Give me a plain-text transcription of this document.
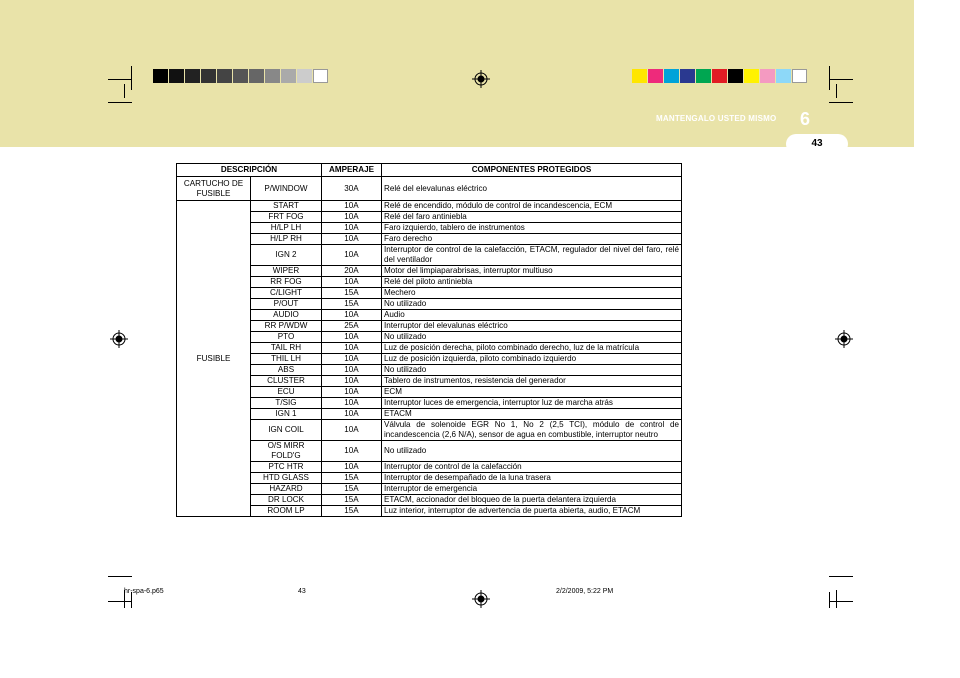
MANTENGALO USTED MISMO 6
43
DESCRIPCIÓN		AMPERAJE	COMPONENTES PROTEGIDOS
CARTUCHO DE FUSIBLE	P/WINDOW	30A	Relé del elevalunas eléctrico
FUSIBLE	START	10A	Relé de encendido, módulo de control de incandescencia, ECM
	FRT FOG	10A	Relé del faro antiniebla
	H/LP LH	10A	Faro izquierdo, tablero de instrumentos
	H/LP RH	10A	Faro derecho
	IGN 2	10A	Interruptor de control de la calefacción, ETACM, regulador del nivel del faro, relé del ventilador
	WIPER	20A	Motor del limpiaparabrisas, interruptor multiuso
	RR FOG	10A	Relé del piloto antiniebla
	C/LIGHT	15A	Mechero
	P/OUT	15A	No utilizado
	AUDIO	10A	Audio
	RR P/WDW	25A	Interruptor del elevalunas eléctrico
	PTO	10A	No utilizado
	TAIL RH	10A	Luz de posición derecha, piloto combinado derecho, luz de la matrícula
	THIL LH	10A	Luz de posición izquierda, piloto combinado izquierdo
	ABS	10A	No utilizado
	CLUSTER	10A	Tablero de instrumentos, resistencia del generador
	ECU	10A	ECM
	T/SIG	10A	Interruptor luces de emergencia, interruptor luz de marcha atrás
	IGN 1	10A	ETACM
	IGN COIL	10A	Válvula de solenoide EGR No 1, No 2 (2,5 TCI), módulo de control de incandescencia (2,6 N/A), sensor de agua en combustible, interruptor neutro
	O/S MIRR FOLD'G	10A	No utilizado
	PTC HTR	10A	Interruptor de control de la calefacción
	HTD GLASS	15A	Interruptor de desempañado de la luna trasera
	HAZARD	15A	Interruptor de emergencia
	DR LOCK	15A	ETACM, accionador del bloqueo de la puerta delantera izquierda
	ROOM LP	15A	Luz interior, interruptor de advertencia de puerta abierta, audio, ETACM
hr-spa-6.p65	43	2/2/2009, 5:22 PM
